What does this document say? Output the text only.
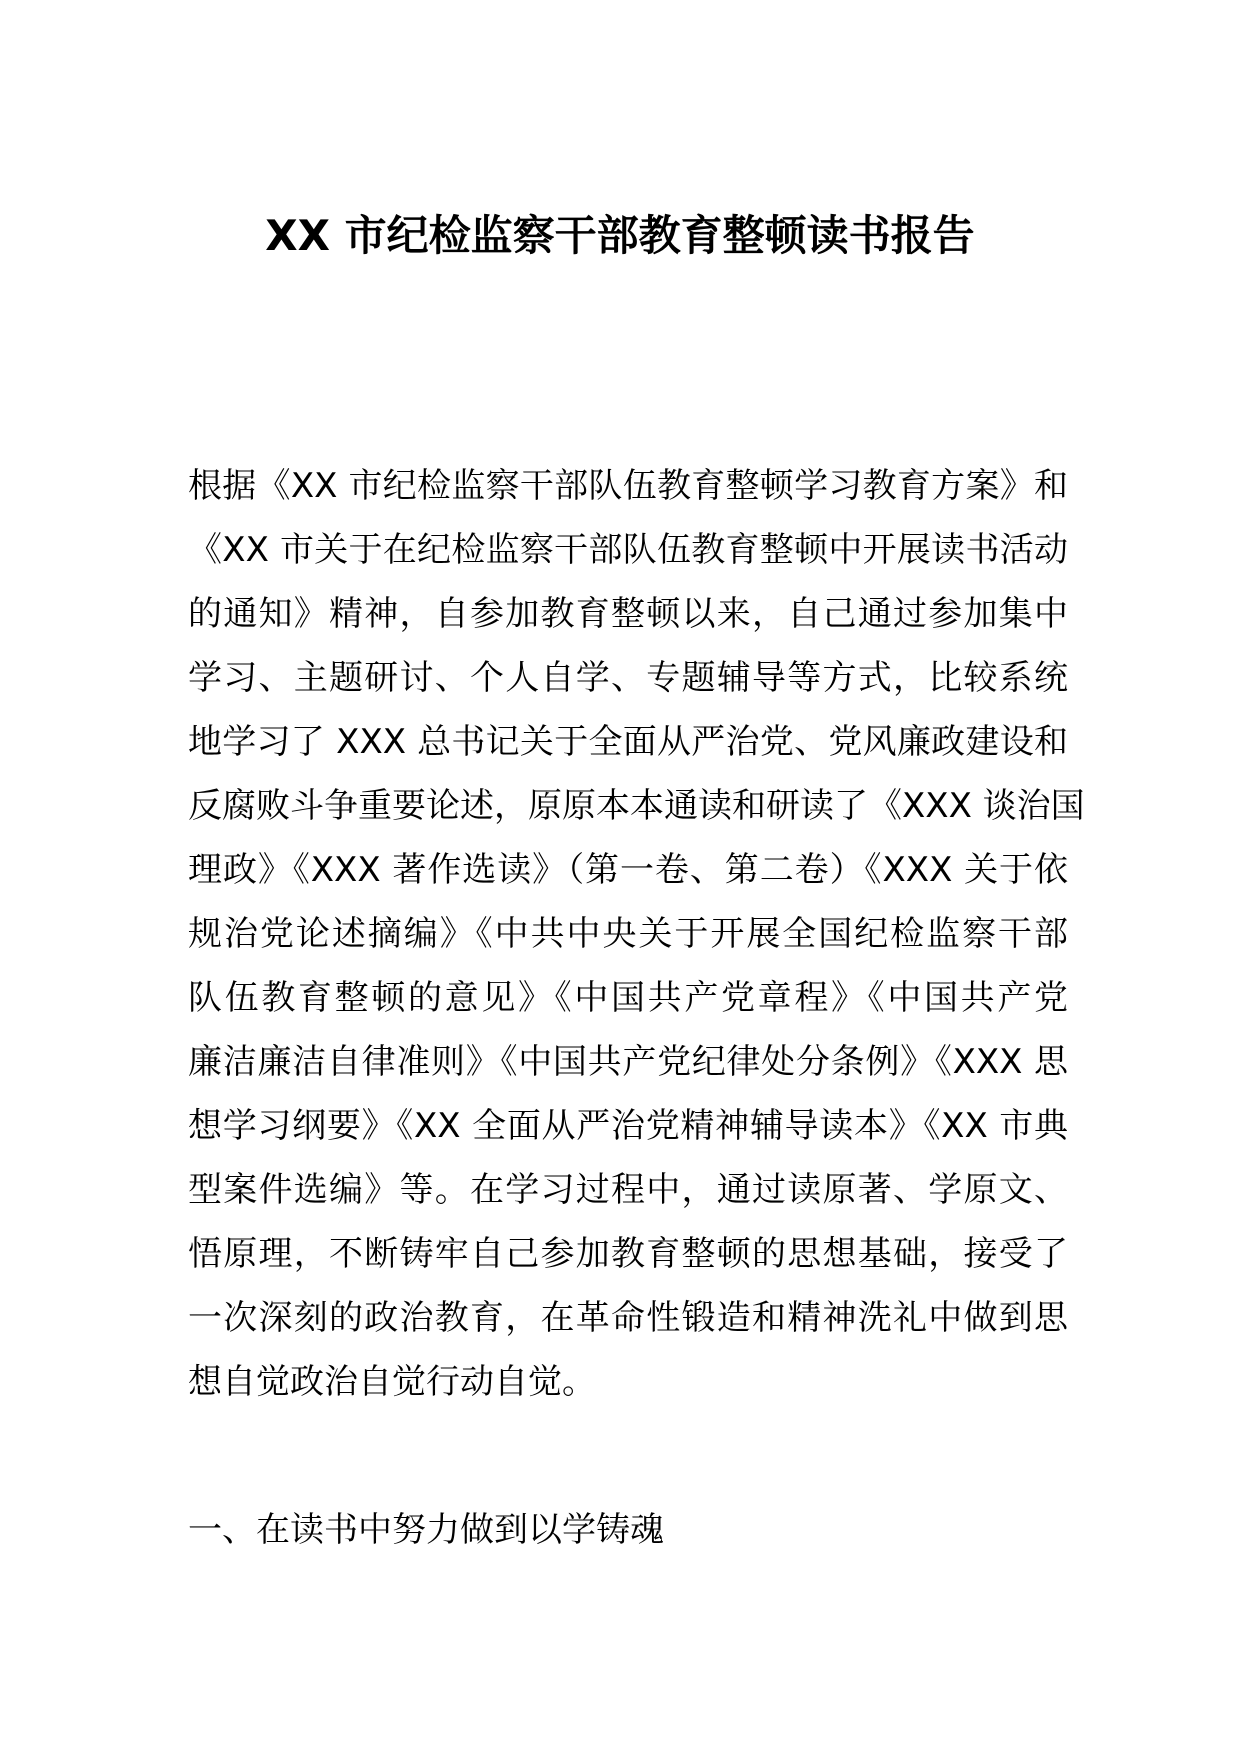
XX 市纪检监察干部教育整顿读书报告
根据《XX 市纪检监察干部队伍教育整顿学习教育方案》和
《XX 市关于在纪检监察干部队伍教育整顿中开展读书活动
的通知》精神，自参加教育整顿以来，自己通过参加集中
学习、主题研讨、个人自学、专题辅导等方式，比较系统
地学习了 XXX 总书记关于全面从严治党、党风廉政建设和
反腐败斗争重要论述，原原本本通读和研读了《XXX 谈治国
理政》《XXX 著作选读》（第一卷、第二卷）《XXX 关于依
规治党论述摘编》《中共中央关于开展全国纪检监察干部
队伍教育整顿的意见》《中国共产党章程》《中国共产党
廉洁廉洁自律准则》《中国共产党纪律处分条例》《XXX 思
想学习纲要》《XX 全面从严治党精神辅导读本》《XX 市典
型案件选编》等。在学习过程中，通过读原著、学原文、
悟原理，不断铸牢自己参加教育整顿的思想基础，接受了
一次深刻的政治教育，在革命性锻造和精神洗礼中做到思
想自觉政治自觉行动自觉。
一、在读书中努力做到以学铸魂
